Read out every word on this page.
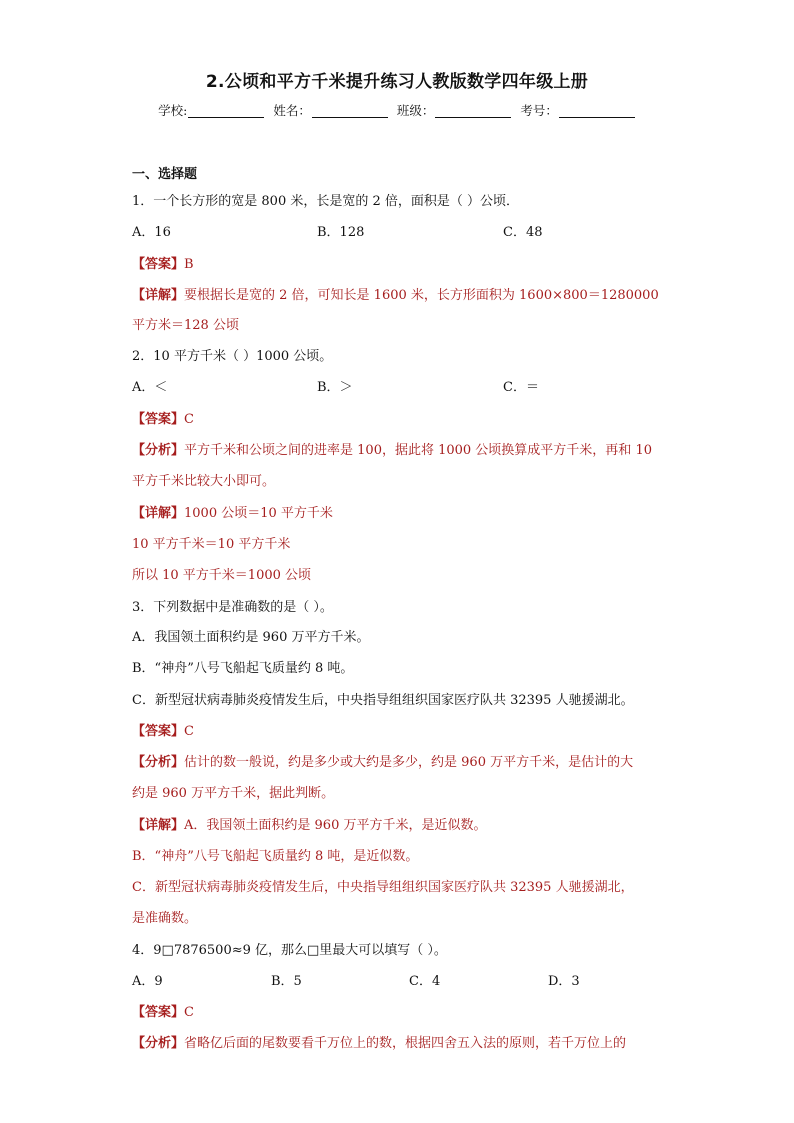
2.公顷和平方千米提升练习人教版数学四年级上册
学校:	姓名：	班级：	考号：
一、选择题
1．一个长方形的宽是 800 米，长是宽的 2 倍，面积是（ ）公顷．
A．16	B．128	C．48
【答案】B
【详解】要根据长是宽的 2 倍，可知长是 1600 米，长方形面积为 1600×800＝1280000
平方米＝128 公顷
2．10 平方千米（ ）1000 公顷。
A．＜	B．＞	C．＝
【答案】C
【分析】平方千米和公顷之间的进率是 100，据此将 1000 公顷换算成平方千米，再和 10
平方千米比较大小即可。
【详解】1000 公顷＝10 平方千米
10 平方千米＝10 平方千米
所以 10 平方千米＝1000 公顷
3．下列数据中是准确数的是（ ）。
A．我国领土面积约是 960 万平方千米。
B．“神舟”八号飞船起飞质量约 8 吨。
C．新型冠状病毒肺炎疫情发生后，中央指导组组织国家医疗队共 32395 人驰援湖北。
【答案】C
【分析】估计的数一般说，约是多少或大约是多少，约是 960 万平方千米，是估计的大
约是 960 万平方千米，据此判断。
【详解】A．我国领土面积约是 960 万平方千米，是近似数。
B．“神舟”八号飞船起飞质量约 8 吨，是近似数。
C．新型冠状病毒肺炎疫情发生后，中央指导组组织国家医疗队共 32395 人驰援湖北，
是准确数。
4．9□7876500≈9 亿，那么□里最大可以填写（ ）。
A．9	B．5	C．4	D．3
【答案】C
【分析】省略亿后面的尾数要看千万位上的数，根据四舍五入法的原则，若千万位上的
